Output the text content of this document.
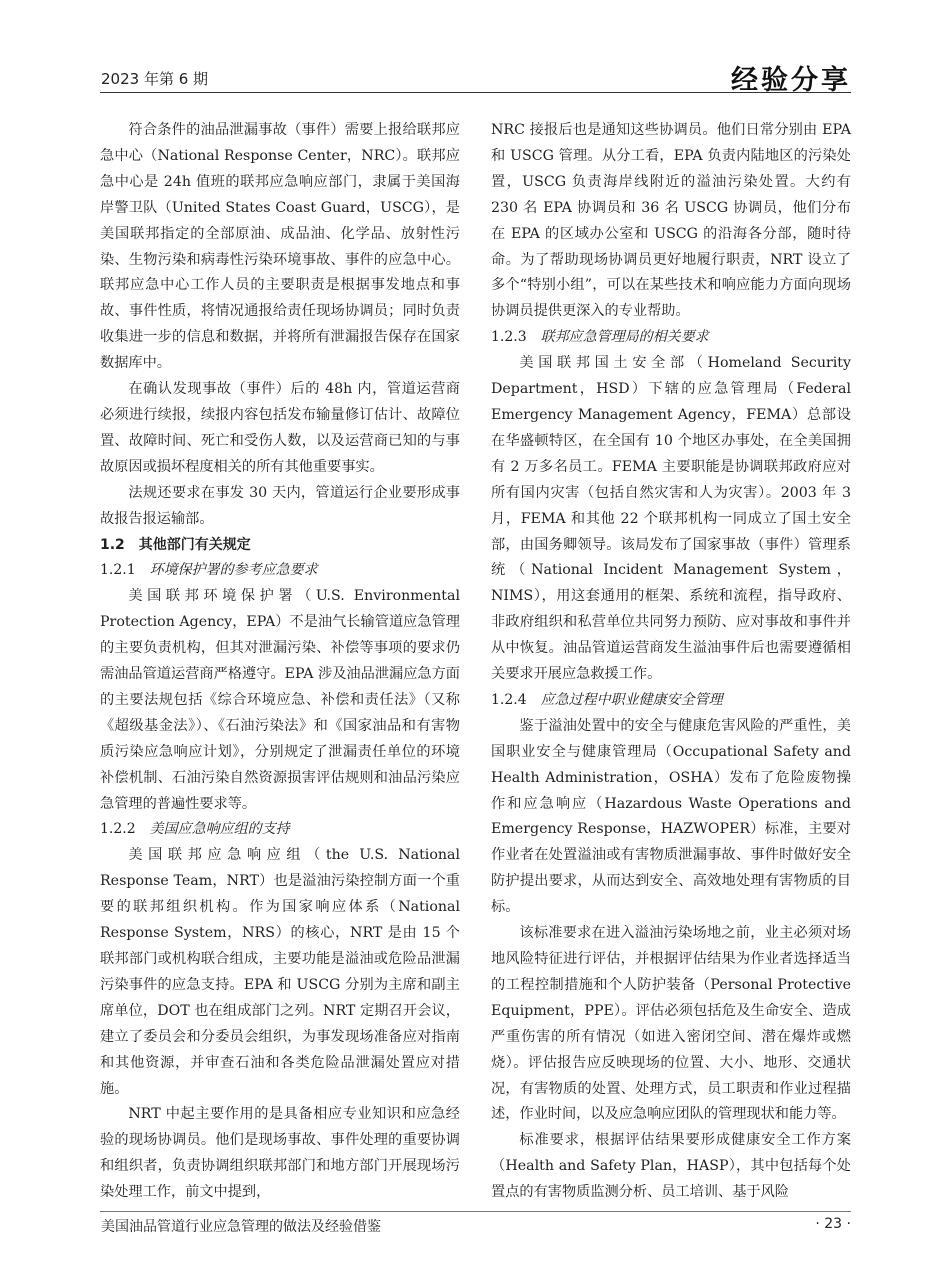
2023 年第 6 期	经验分享

符合条件的油品泄漏事故（事件）需要上报给联邦应急中心（National Response Center，NRC）。联邦应急中心是 24h 值班的联邦应急响应部门，隶属于美国海岸警卫队（United States Coast Guard，USCG），是美国联邦指定的全部原油、成品油、化学品、放射性污染、生物污染和病毒性污染环境事故、事件的应急中心。联邦应急中心工作人员的主要职责是根据事发地点和事故、事件性质，将情况通报给责任现场协调员；同时负责收集进一步的信息和数据，并将所有泄漏报告保存在国家数据库中。

在确认发现事故（事件）后的 48h 内，管道运营商必须进行续报，续报内容包括发布输量修订估计、故障位置、故障时间、死亡和受伤人数，以及运营商已知的与事故原因或损坏程度相关的所有其他重要事实。

法规还要求在事发 30 天内，管道运行企业要形成事故报告报运输部。

1.2　其他部门有关规定

1.2.1 环境保护署的参考应急要求

美国联邦环境保护署（U.S. Environmental Protection Agency，EPA）不是油气长输管道应急管理的主要负责机构，但其对泄漏污染、补偿等事项的要求仍需油品管道运营商严格遵守。EPA 涉及油品泄漏应急方面的主要法规包括《综合环境应急、补偿和责任法》（又称《超级基金法》）、《石油污染法》和《国家油品和有害物质污染应急响应计划》，分别规定了泄漏责任单位的环境补偿机制、石油污染自然资源损害评估规则和油品污染应急管理的普遍性要求等。

1.2.2 美国应急响应组的支持

美国联邦应急响应组（the U.S. National Response Team，NRT）也是溢油污染控制方面一个重要的联邦组织机构。作为国家响应体系（National Response System，NRS）的核心，NRT 是由 15 个联邦部门或机构联合组成，主要功能是溢油或危险品泄漏污染事件的应急支持。EPA 和 USCG 分别为主席和副主席单位，DOT 也在组成部门之列。NRT 定期召开会议，建立了委员会和分委员会组织，为事发现场准备应对指南和其他资源，并审查石油和各类危险品泄漏处置应对措施。

NRT 中起主要作用的是具备相应专业知识和应急经验的现场协调员。他们是现场事故、事件处理的重要协调和组织者，负责协调组织联邦部门和地方部门开展现场污染处理工作，前文中提到，

NRC 接报后也是通知这些协调员。他们日常分别由 EPA 和 USCG 管理。从分工看，EPA 负责内陆地区的污染处置，USCG 负责海岸线附近的溢油污染处置。大约有 230 名 EPA 协调员和 36 名 USCG 协调员，他们分布在 EPA 的区域办公室和 USCG 的沿海各分部，随时待命。为了帮助现场协调员更好地履行职责，NRT 设立了多个“特别小组”，可以在某些技术和响应能力方面向现场协调员提供更深入的专业帮助。

1.2.3 联邦应急管理局的相关要求

美国联邦国土安全部（Homeland Security Department，HSD）下辖的应急管理局（Federal Emergency Management Agency，FEMA）总部设在华盛顿特区，在全国有 10 个地区办事处，在全美国拥有 2 万多名员工。FEMA 主要职能是协调联邦政府应对所有国内灾害（包括自然灾害和人为灾害）。2003 年 3 月，FEMA 和其他 22 个联邦机构一同成立了国土安全部，由国务卿领导。该局发布了国家事故（事件）管理系统（National Incident Management System，NIMS），用这套通用的框架、系统和流程，指导政府、非政府组织和私营单位共同努力预防、应对事故和事件并从中恢复。油品管道运营商发生溢油事件后也需要遵循相关要求开展应急救援工作。

1.2.4 应急过程中职业健康安全管理

鉴于溢油处置中的安全与健康危害风险的严重性，美国职业安全与健康管理局（Occupational Safety and Health Administration，OSHA）发布了危险废物操作和应急响应（Hazardous Waste Operations and Emergency Response，HAZWOPER）标准，主要对作业者在处置溢油或有害物质泄漏事故、事件时做好安全防护提出要求，从而达到安全、高效地处理有害物质的目标。

该标准要求在进入溢油污染场地之前，业主必须对场地风险特征进行评估，并根据评估结果为作业者选择适当的工程控制措施和个人防护装备（Personal Protective Equipment，PPE）。评估必须包括危及生命安全、造成严重伤害的所有情况（如进入密闭空间、潜在爆炸或燃烧）。评估报告应反映现场的位置、大小、地形、交通状况，有害物质的处置、处理方式，员工职责和作业过程描述，作业时间，以及应急响应团队的管理现状和能力等。

标准要求，根据评估结果要形成健康安全工作方案（Health and Safety Plan，HASP），其中包括每个处置点的有害物质监测分析、员工培训、基于风险

美国油品管道行业应急管理的做法及经验借鉴	· 23 ·
